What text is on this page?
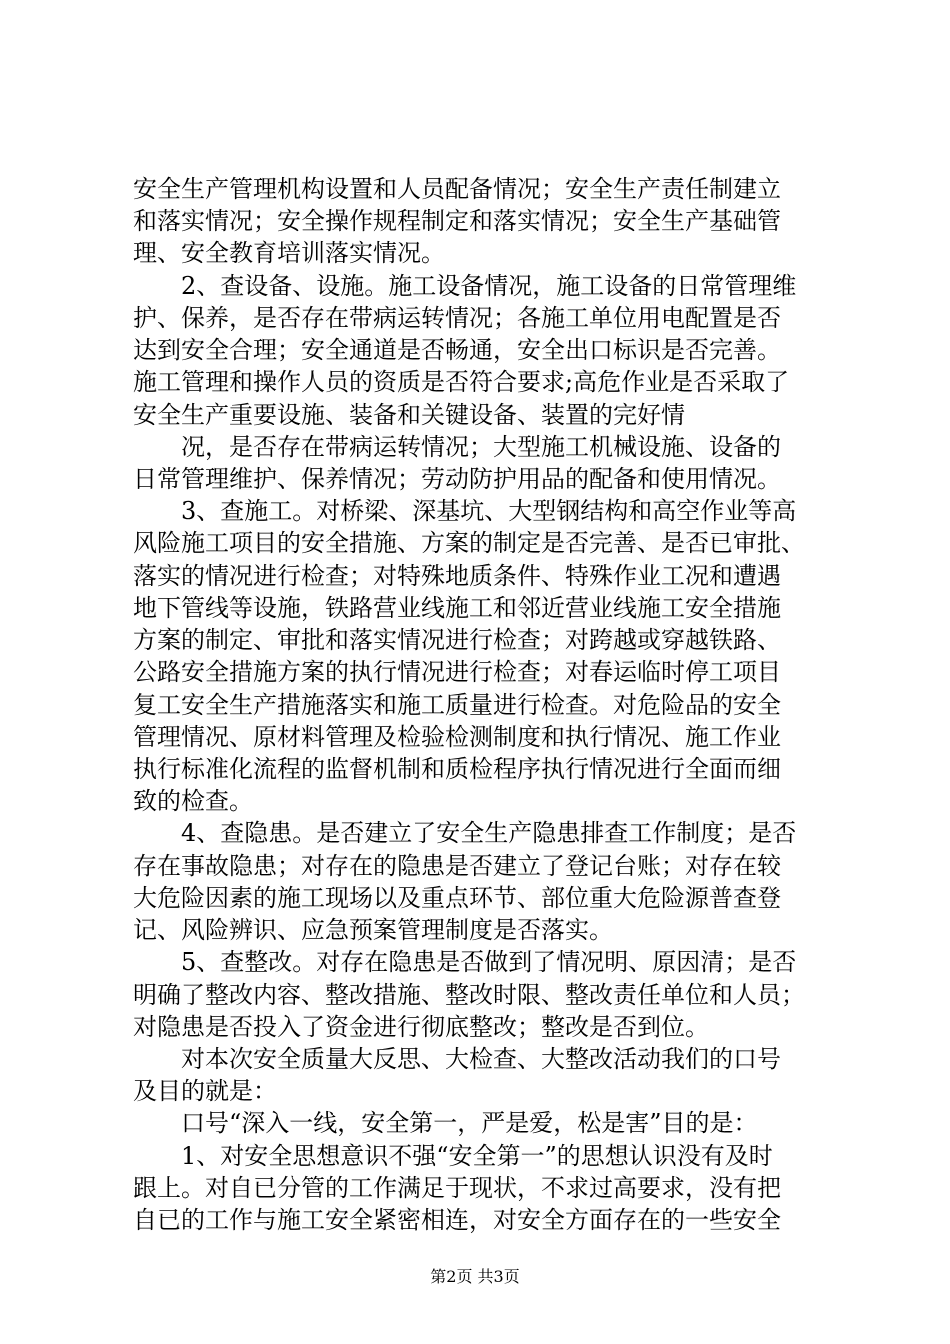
安全生产管理机构设置和人员配备情况；安全生产责任制建立
和落实情况；安全操作规程制定和落实情况；安全生产基础管
理、安全教育培训落实情况。
　　2、查设备、设施。施工设备情况，施工设备的日常管理维
护、保养，是否存在带病运转情况；各施工单位用电配置是否
达到安全合理；安全通道是否畅通，安全出口标识是否完善。
施工管理和操作人员的资质是否符合要求;高危作业是否采取了
安全生产重要设施、装备和关键设备、装置的完好情
　　况，是否存在带病运转情况；大型施工机械设施、设备的
日常管理维护、保养情况；劳动防护用品的配备和使用情况。
　　3、查施工。对桥梁、深基坑、大型钢结构和高空作业等高
风险施工项目的安全措施、方案的制定是否完善、是否已审批、
落实的情况进行检查；对特殊地质条件、特殊作业工况和遭遇
地下管线等设施，铁路营业线施工和邻近营业线施工安全措施
方案的制定、审批和落实情况进行检查；对跨越或穿越铁路、
公路安全措施方案的执行情况进行检查；对春运临时停工项目
复工安全生产措施落实和施工质量进行检查。对危险品的安全
管理情况、原材料管理及检验检测制度和执行情况、施工作业
执行标准化流程的监督机制和质检程序执行情况进行全面而细
致的检查。
　　4、查隐患。是否建立了安全生产隐患排查工作制度；是否
存在事故隐患；对存在的隐患是否建立了登记台账；对存在较
大危险因素的施工现场以及重点环节、部位重大危险源普查登
记、风险辨识、应急预案管理制度是否落实。
　　5、查整改。对存在隐患是否做到了情况明、原因清；是否
明确了整改内容、整改措施、整改时限、整改责任单位和人员；
对隐患是否投入了资金进行彻底整改；整改是否到位。
　　对本次安全质量大反思、大检查、大整改活动我们的口号
及目的就是：
　　口号“深入一线，安全第一，严是爱，松是害”目的是：
　　1、对安全思想意识不强“安全第一”的思想认识没有及时
跟上。对自已分管的工作满足于现状，不求过高要求，没有把
自已的工作与施工安全紧密相连，对安全方面存在的一些安全
第2页 共3页
